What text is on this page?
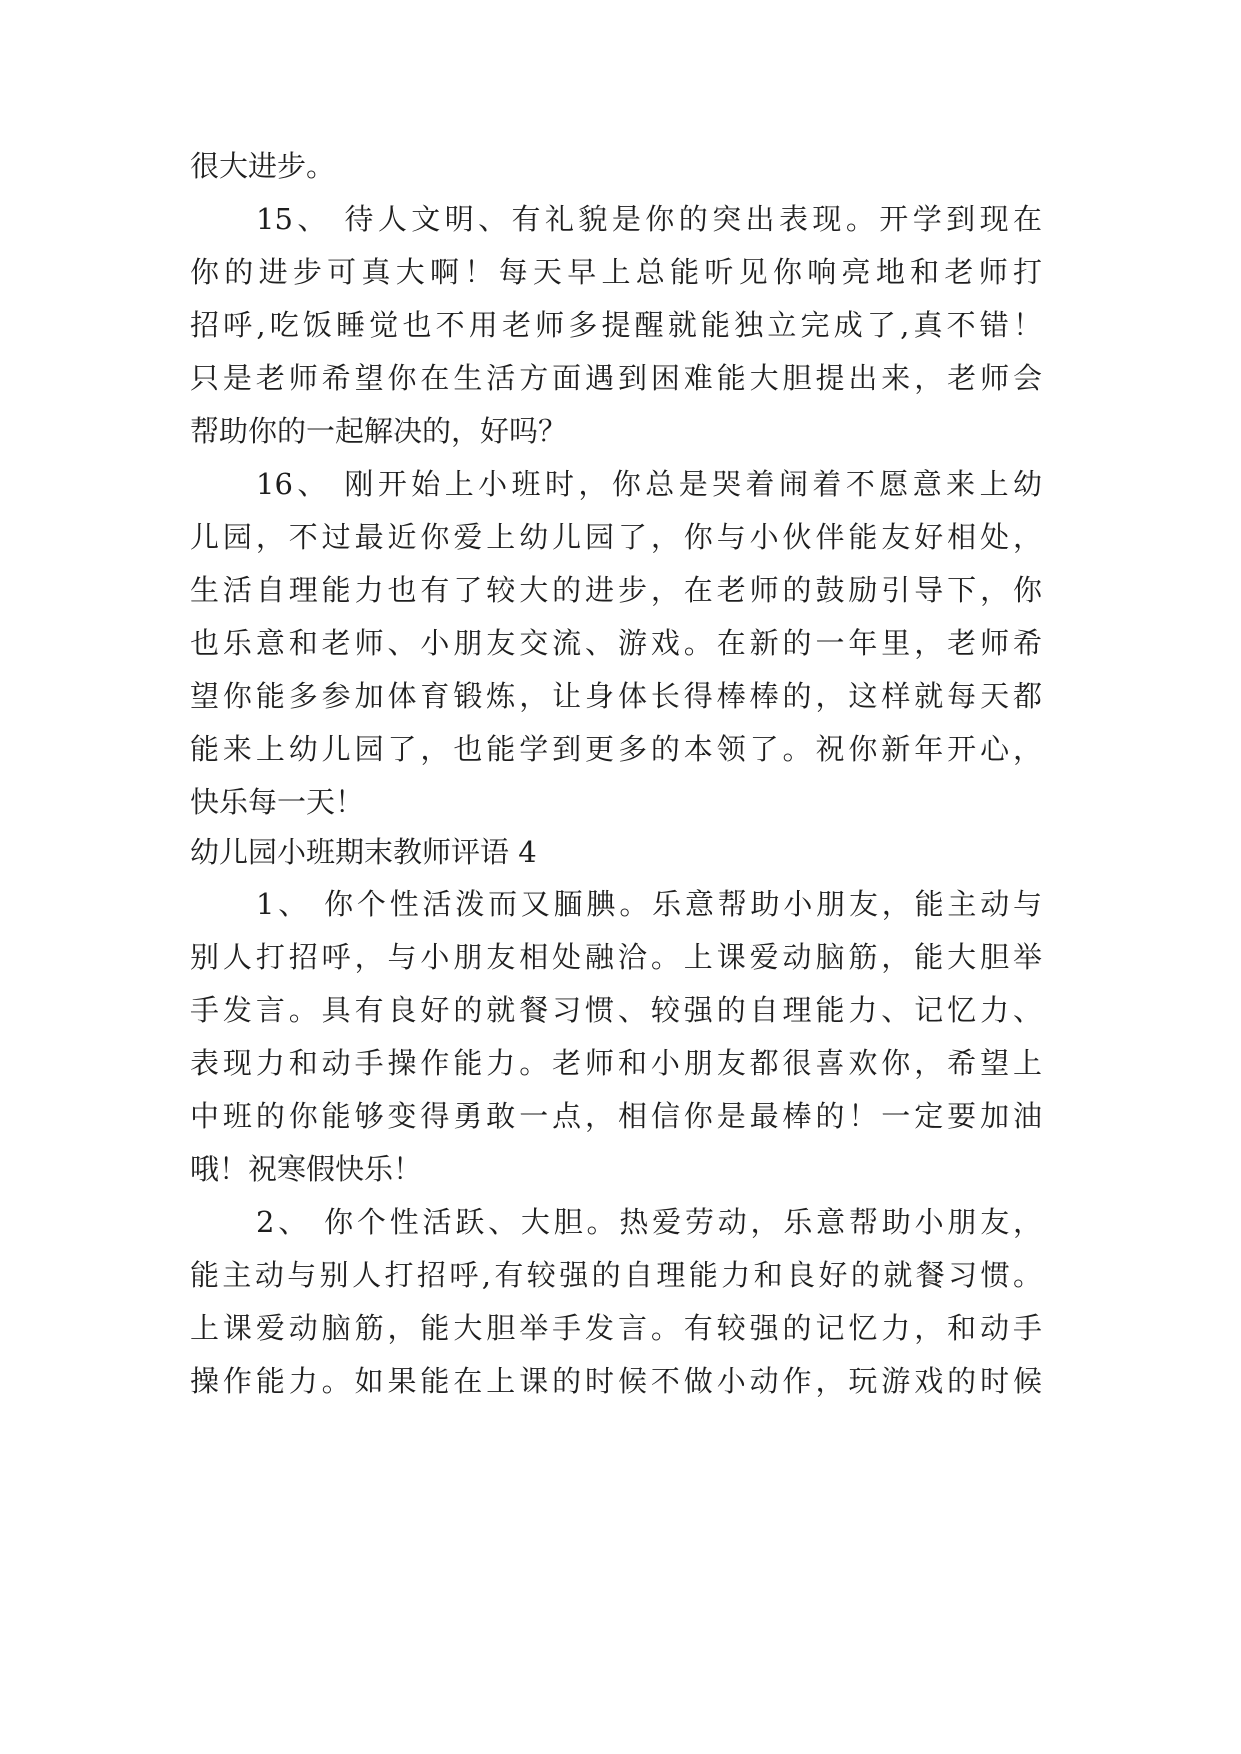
很大进步。

15、 待人文明、有礼貌是你的突出表现。开学到现在

你的进步可真大啊！每天早上总能听见你响亮地和老师打

招呼,吃饭睡觉也不用老师多提醒就能独立完成了,真不错！

只是老师希望你在生活方面遇到困难能大胆提出来，老师会

帮助你的一起解决的，好吗？

16、 刚开始上小班时，你总是哭着闹着不愿意来上幼

儿园，不过最近你爱上幼儿园了，你与小伙伴能友好相处，

生活自理能力也有了较大的进步，在老师的鼓励引导下，你

也乐意和老师、小朋友交流、游戏。在新的一年里，老师希

望你能多参加体育锻炼，让身体长得棒棒的，这样就每天都

能来上幼儿园了，也能学到更多的本领了。祝你新年开心，

快乐每一天！

幼儿园小班期末教师评语 4

1、 你个性活泼而又腼腆。乐意帮助小朋友，能主动与

别人打招呼，与小朋友相处融洽。上课爱动脑筋，能大胆举

手发言。具有良好的就餐习惯、较强的自理能力、记忆力、

表现力和动手操作能力。老师和小朋友都很喜欢你，希望上

中班的你能够变得勇敢一点，相信你是最棒的！一定要加油

哦！祝寒假快乐！

2、 你个性活跃、大胆。热爱劳动，乐意帮助小朋友，

能主动与别人打招呼,有较强的自理能力和良好的就餐习惯。

上课爱动脑筋，能大胆举手发言。有较强的记忆力，和动手

操作能力。如果能在上课的时候不做小动作，玩游戏的时候
